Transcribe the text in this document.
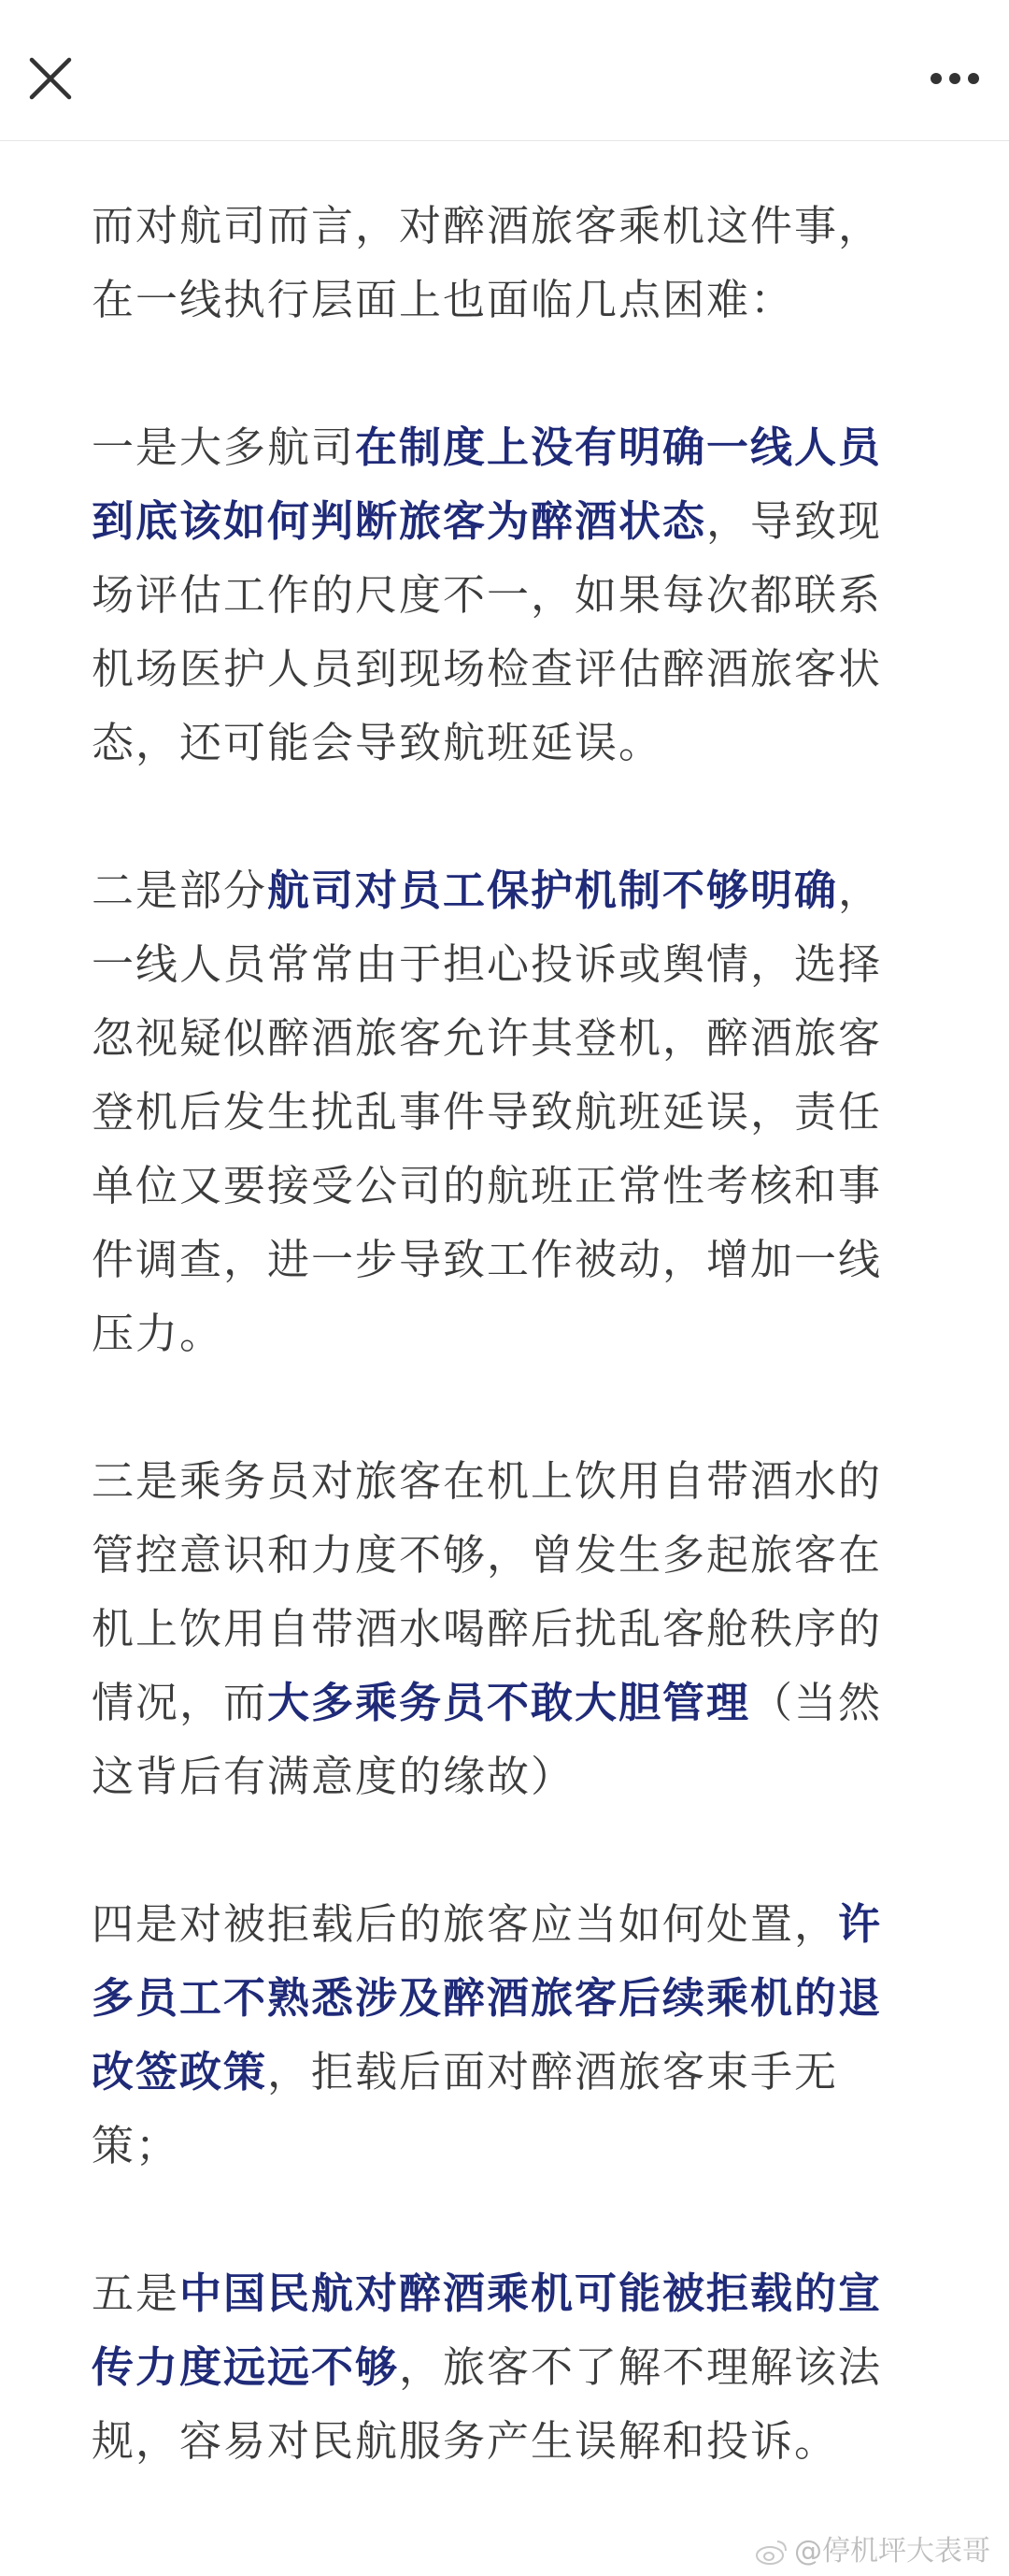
而对航司而言，对醉酒旅客乘机这件事，
在一线执行层面上也面临几点困难：

一是大多航司在制度上没有明确一线人员到底该如何判断旅客为醉酒状态，导致现场评估工作的尺度不一，如果每次都联系机场医护人员到现场检查评估醉酒旅客状态，还可能会导致航班延误。

二是部分航司对员工保护机制不够明确，一线人员常常由于担心投诉或舆情，选择忽视疑似醉酒旅客允许其登机，醉酒旅客登机后发生扰乱事件导致航班延误，责任单位又要接受公司的航班正常性考核和事件调查，进一步导致工作被动，增加一线压力。

三是乘务员对旅客在机上饮用自带酒水的管控意识和力度不够，曾发生多起旅客在机上饮用自带酒水喝醉后扰乱客舱秩序的情况，而大多乘务员不敢大胆管理（当然这背后有满意度的缘故）

四是对被拒载后的旅客应当如何处置，许多员工不熟悉涉及醉酒旅客后续乘机的退改签政策，拒载后面对醉酒旅客束手无策；

五是中国民航对醉酒乘机可能被拒载的宣传力度远远不够，旅客不了解不理解该法规，容易对民航服务产生误解和投诉。

@停机坪大表哥
